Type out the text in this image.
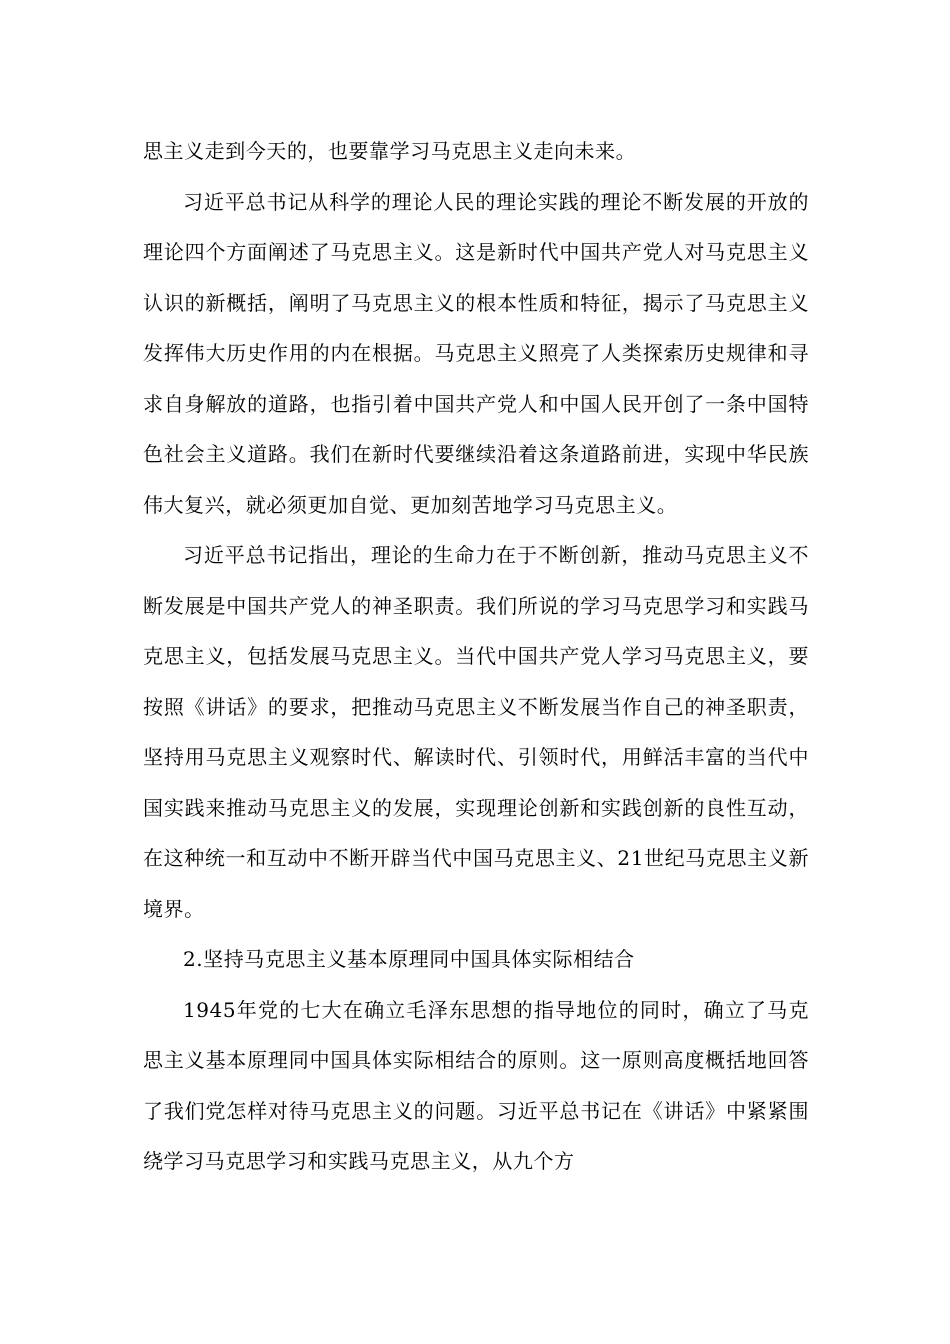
思主义走到今天的，也要靠学习马克思主义走向未来。

习近平总书记从科学的理论人民的理论实践的理论不断发展的开放的理论四个方面阐述了马克思主义。这是新时代中国共产党人对马克思主义认识的新概括，阐明了马克思主义的根本性质和特征，揭示了马克思主义发挥伟大历史作用的内在根据。马克思主义照亮了人类探索历史规律和寻求自身解放的道路，也指引着中国共产党人和中国人民开创了一条中国特色社会主义道路。我们在新时代要继续沿着这条道路前进，实现中华民族伟大复兴，就必须更加自觉、更加刻苦地学习马克思主义。

习近平总书记指出，理论的生命力在于不断创新，推动马克思主义不断发展是中国共产党人的神圣职责。我们所说的学习马克思学习和实践马克思主义，包括发展马克思主义。当代中国共产党人学习马克思主义，要按照《讲话》的要求，把推动马克思主义不断发展当作自己的神圣职责，坚持用马克思主义观察时代、解读时代、引领时代，用鲜活丰富的当代中国实践来推动马克思主义的发展，实现理论创新和实践创新的良性互动，在这种统一和互动中不断开辟当代中国马克思主义、21世纪马克思主义新境界。

2.坚持马克思主义基本原理同中国具体实际相结合

1945年党的七大在确立毛泽东思想的指导地位的同时，确立了马克思主义基本原理同中国具体实际相结合的原则。这一原则高度概括地回答了我们党怎样对待马克思主义的问题。习近平总书记在《讲话》中紧紧围绕学习马克思学习和实践马克思主义，从九个方
